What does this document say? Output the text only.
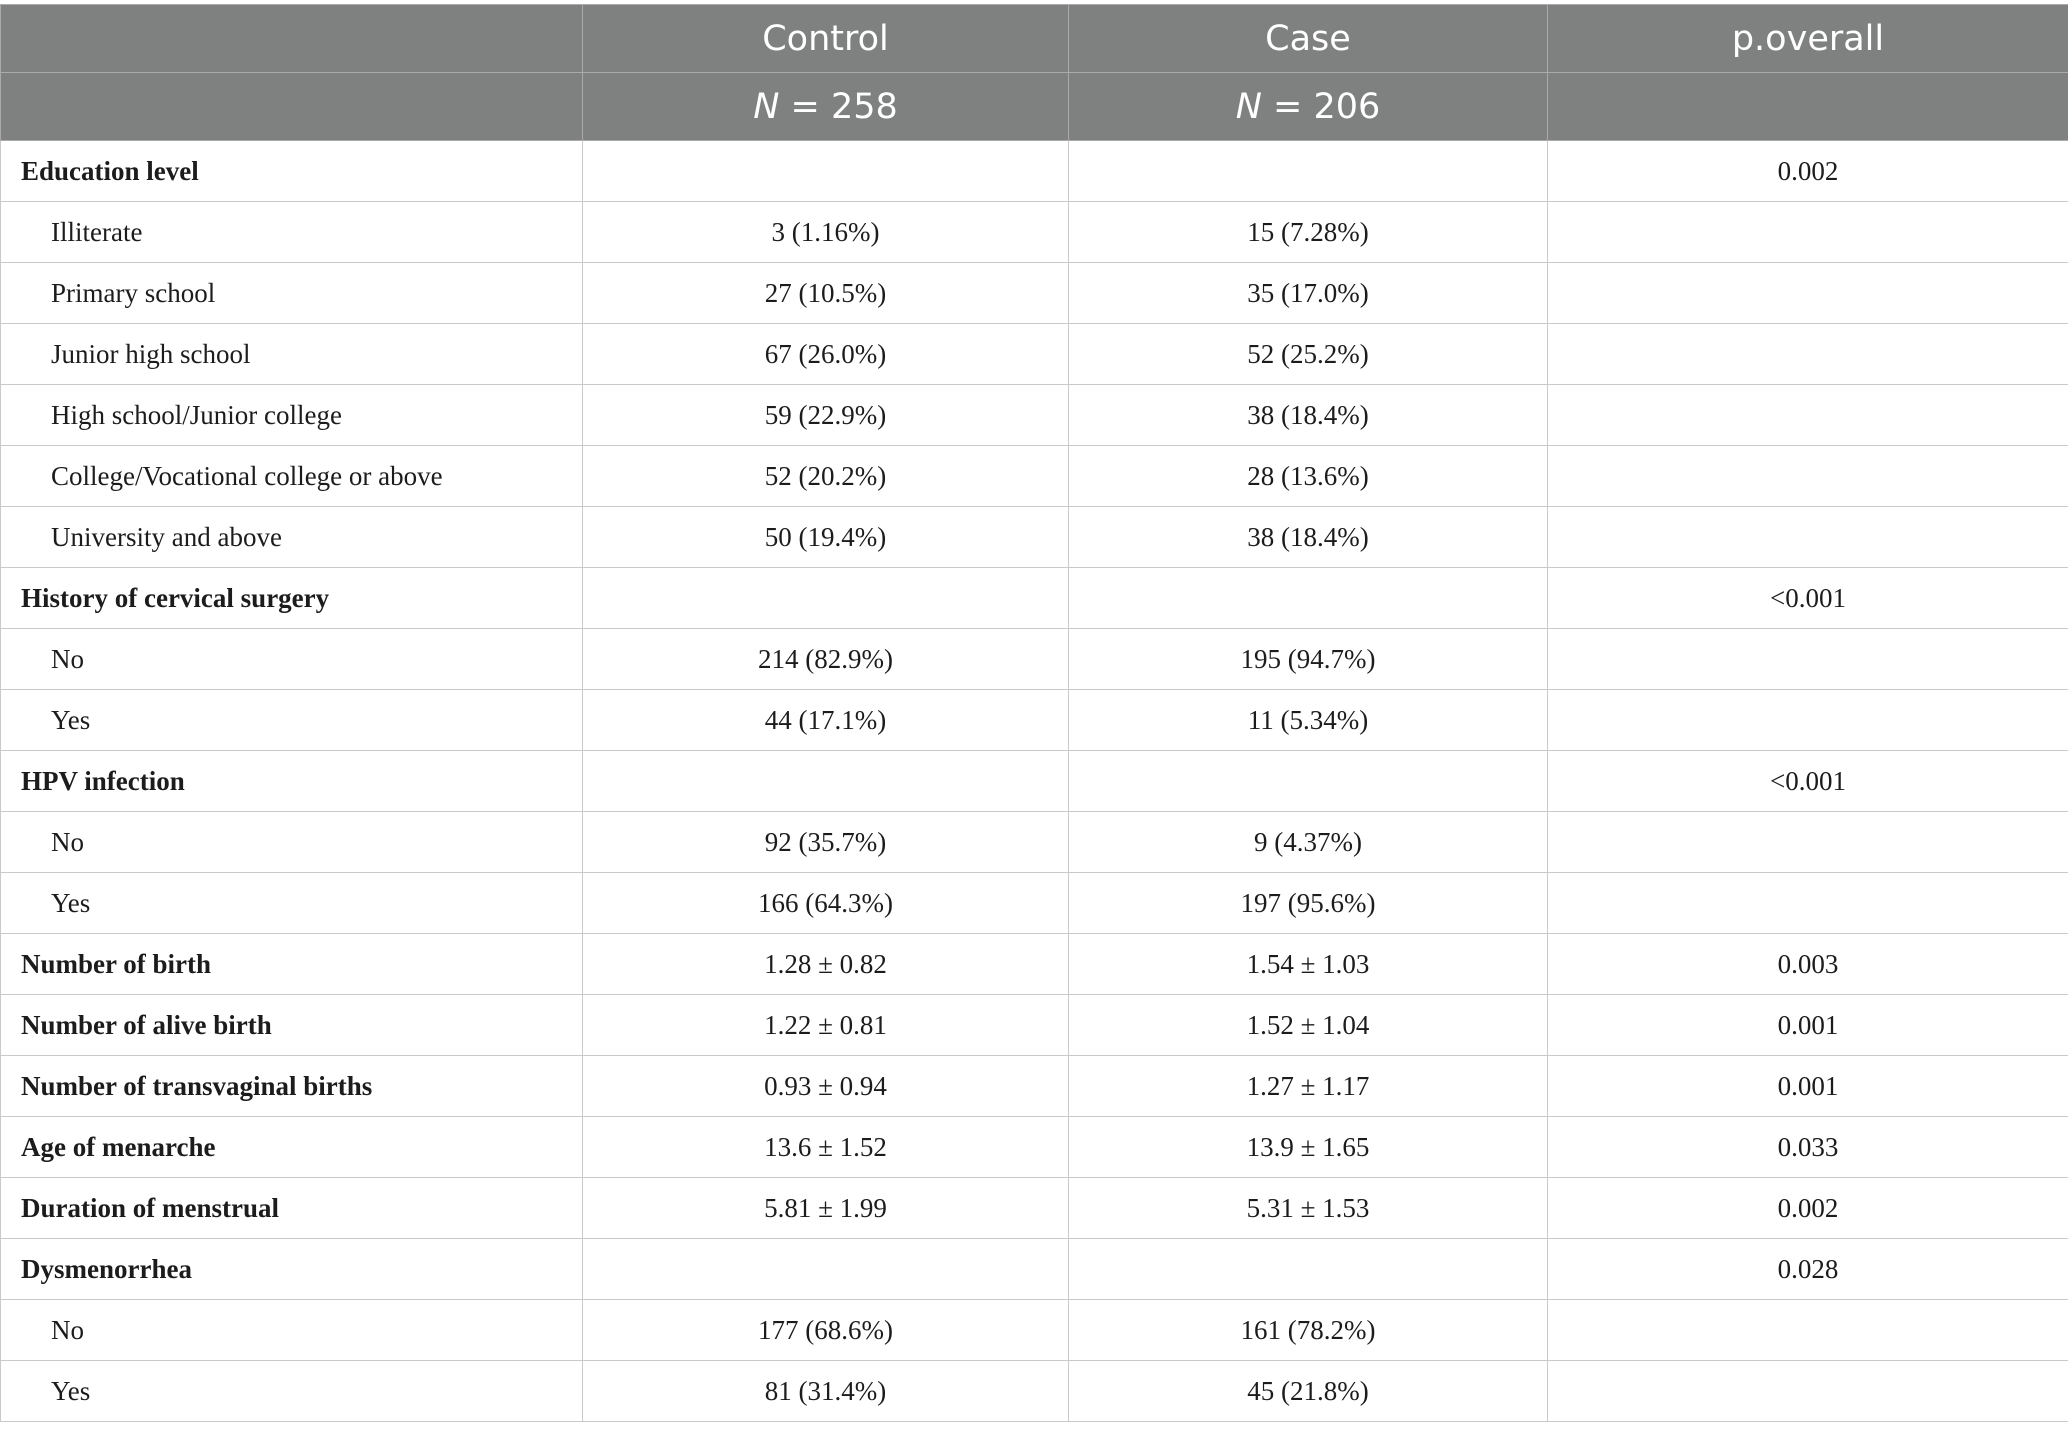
	Control	Case	p.overall
	N = 258	N = 206	
Education level			0.002
Illiterate	3 (1.16%)	15 (7.28%)	
Primary school	27 (10.5%)	35 (17.0%)	
Junior high school	67 (26.0%)	52 (25.2%)	
High school/Junior college	59 (22.9%)	38 (18.4%)	
College/Vocational college or above	52 (20.2%)	28 (13.6%)	
University and above	50 (19.4%)	38 (18.4%)	
History of cervical surgery			<0.001
No	214 (82.9%)	195 (94.7%)	
Yes	44 (17.1%)	11 (5.34%)	
HPV infection			<0.001
No	92 (35.7%)	9 (4.37%)	
Yes	166 (64.3%)	197 (95.6%)	
Number of birth	1.28 ± 0.82	1.54 ± 1.03	0.003
Number of alive birth	1.22 ± 0.81	1.52 ± 1.04	0.001
Number of transvaginal births	0.93 ± 0.94	1.27 ± 1.17	0.001
Age of menarche	13.6 ± 1.52	13.9 ± 1.65	0.033
Duration of menstrual	5.81 ± 1.99	5.31 ± 1.53	0.002
Dysmenorrhea			0.028
No	177 (68.6%)	161 (78.2%)	
Yes	81 (31.4%)	45 (21.8%)	
